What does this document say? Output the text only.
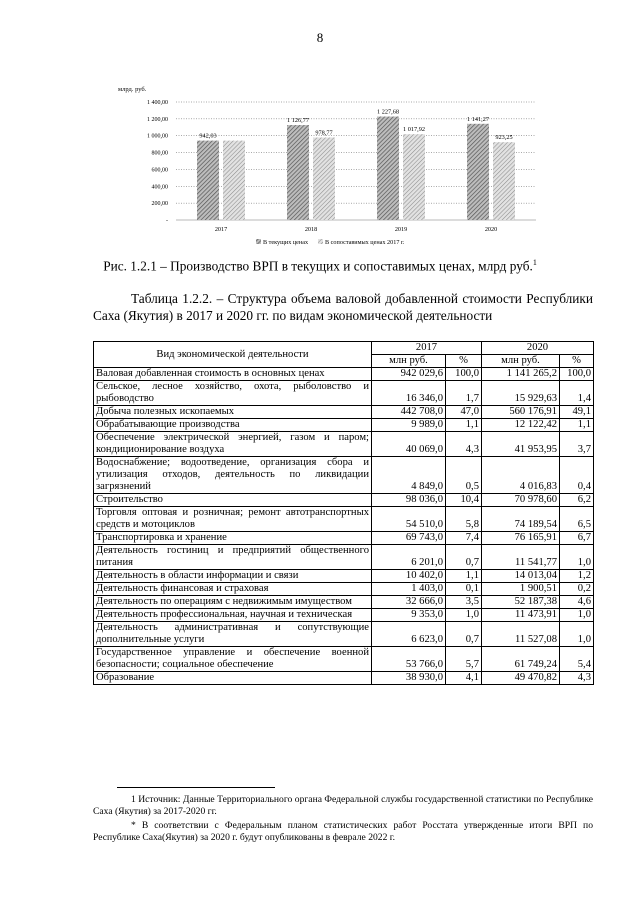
8
млрд. руб.
1 400,00
1 200,00
1 000,00
800,00
600,00
400,00
200,00
-
942,03
2017
1 126,77
978,77
2018
1 227,68
1 017,92
2019
1 141,27
923,25
2020
В текущих ценах	В сопоставимых ценах 2017 г.
Рис. 1.2.1 – Производство ВРП в текущих и сопоставимых ценах, млрд руб.$^1$
Таблица 1.2.2. – Структура объема валовой добавленной стоимости Республики Саха (Якутия) в 2017 и 2020 гг. по видам экономической деятельности
Вид экономической деятельности	2017		2020	
	млн руб.	%	млн руб.	%
Валовая добавленная стоимость в основных ценах	942 029,6	100,0	1 141 265,2	100,0
Сельское, лесное хозяйство, охота, рыболовство и рыбоводство	16 346,0	1,7	15 929,63	1,4
Добыча полезных ископаемых	442 708,0	47,0	560 176,91	49,1
Обрабатывающие производства	9 989,0	1,1	12 122,42	1,1
Обеспечение электрической энергией, газом и паром; кондиционирование воздуха	40 069,0	4,3	41 953,95	3,7
Водоснабжение; водоотведение, организация сбора и утилизация отходов, деятельность по ликвидации загрязнений	4 849,0	0,5	4 016,83	0,4
Строительство	98 036,0	10,4	70 978,60	6,2
Торговля оптовая и розничная; ремонт автотранспортных средств и мотоциклов	54 510,0	5,8	74 189,54	6,5
Транспортировка и хранение	69 743,0	7,4	76 165,91	6,7
Деятельность гостиниц и предприятий общественного питания	6 201,0	0,7	11 541,77	1,0
Деятельность в области информации и связи	10 402,0	1,1	14 013,04	1,2
Деятельность финансовая и страховая	1 403,0	0,1	1 900,51	0,2
Деятельность по операциям с недвижимым имуществом	32 666,0	3,5	52 187,38	4,6
Деятельность профессиональная, научная и техническая	9 353,0	1,0	11 473,91	1,0
Деятельность административная и сопутствующие дополнительные услуги	6 623,0	0,7	11 527,08	1,0
Государственное управление и обеспечение военной безопасности; социальное обеспечение	53 766,0	5,7	61 749,24	5,4
Образование	38 930,0	4,1	49 470,82	4,3
1 Источник: Данные Территориального органа Федеральной службы государственной статистики по Республике Саха (Якутия) за 2017-2020 гг.
* В соответствии с Федеральным планом статистических работ Росстата утвержденные итоги ВРП по Республике Саха(Якутия) за 2020 г. будут опубликованы в феврале 2022 г.
